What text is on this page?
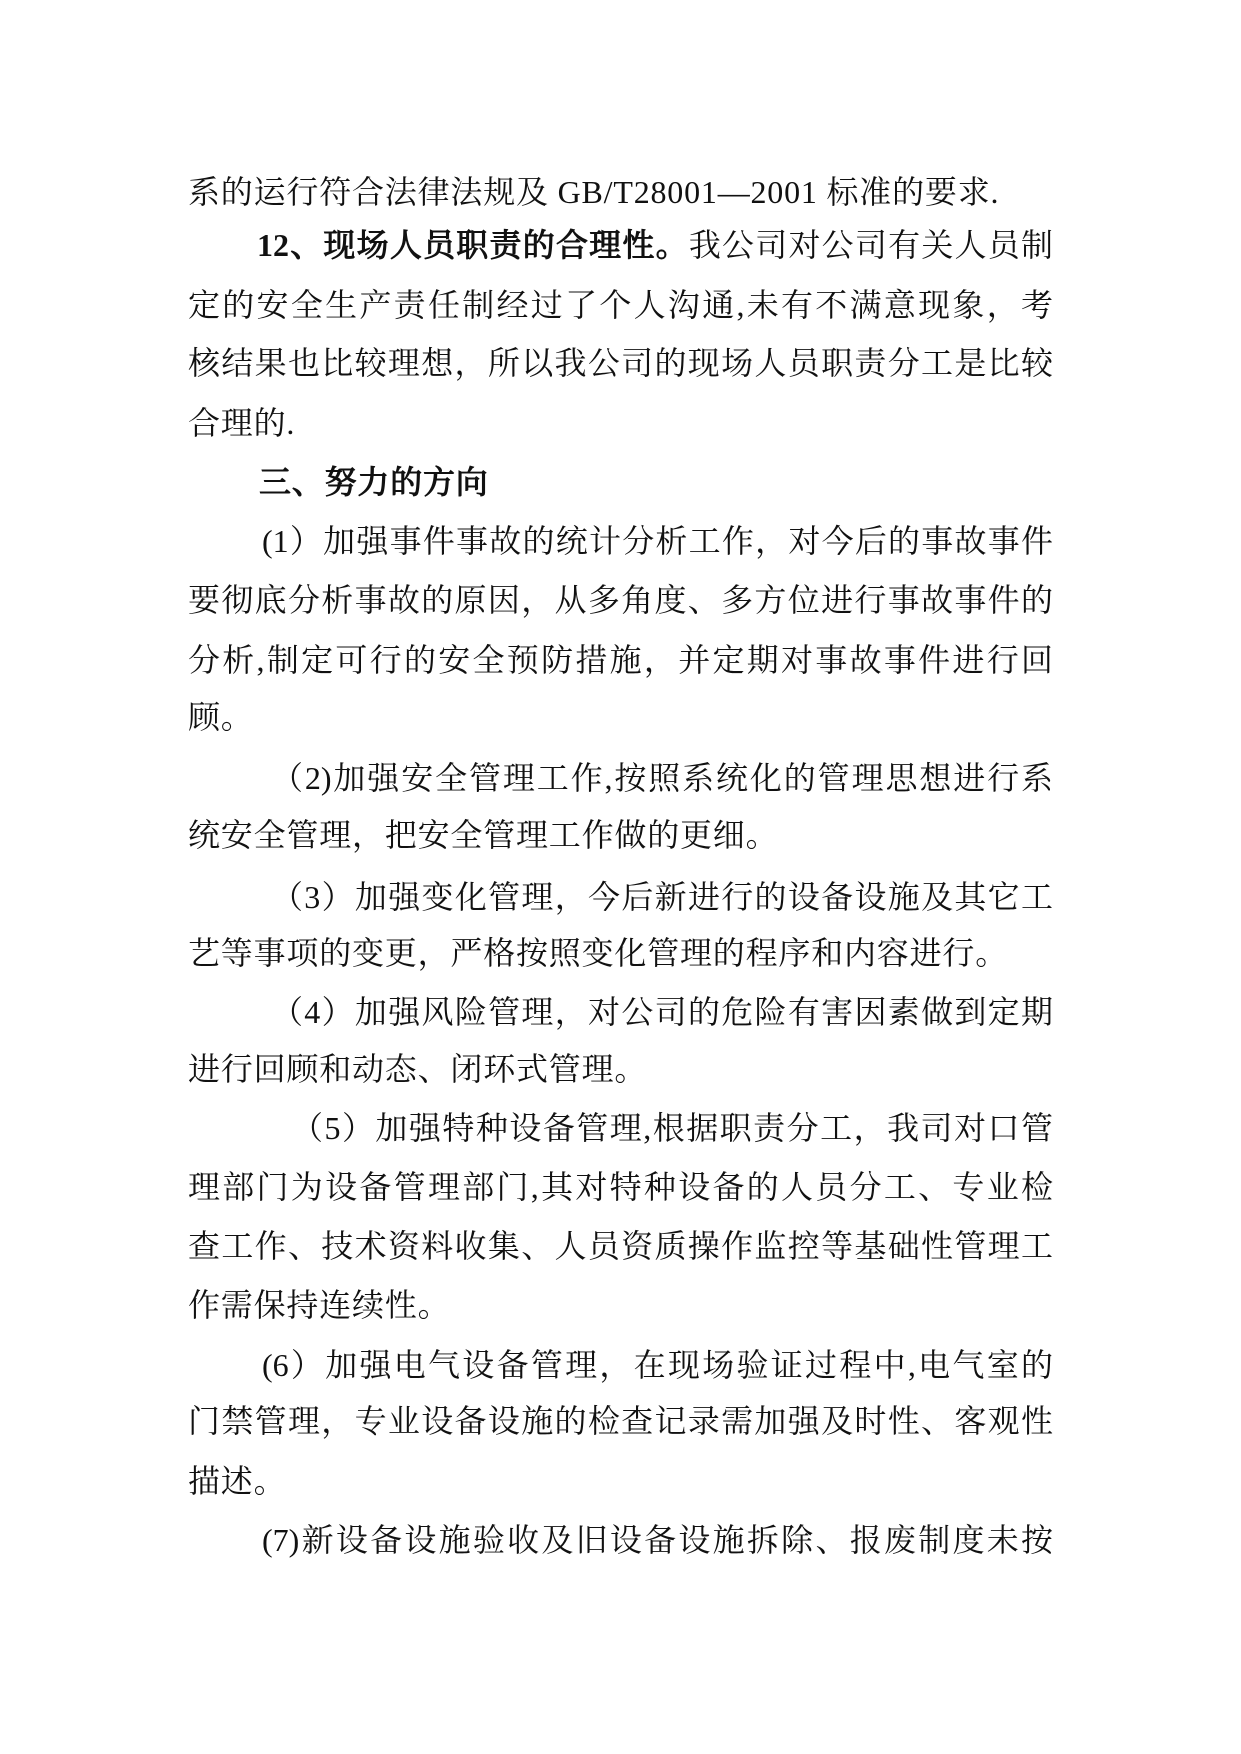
系的运行符合法律法规及 GB/T28001—2001 标准的要求.
12、现场人员职责的合理性。我公司对公司有关人员制
定的安全生产责任制经过了个人沟通,未有不满意现象，考
核结果也比较理想，所以我公司的现场人员职责分工是比较
合理的.
三、努力的方向
(1）加强事件事故的统计分析工作，对今后的事故事件
要彻底分析事故的原因，从多角度、多方位进行事故事件的
分析,制定可行的安全预防措施，并定期对事故事件进行回
顾。
（2)加强安全管理工作,按照系统化的管理思想进行系
统安全管理，把安全管理工作做的更细。
（3）加强变化管理，今后新进行的设备设施及其它工
艺等事项的变更，严格按照变化管理的程序和内容进行。
（4）加强风险管理，对公司的危险有害因素做到定期
进行回顾和动态、闭环式管理。
（5）加强特种设备管理,根据职责分工，我司对口管
理部门为设备管理部门,其对特种设备的人员分工、专业检
查工作、技术资料收集、人员资质操作监控等基础性管理工
作需保持连续性。
(6）加强电气设备管理，在现场验证过程中,电气室的
门禁管理，专业设备设施的检查记录需加强及时性、客观性
描述。
(7)新设备设施验收及旧设备设施拆除、报废制度未按
